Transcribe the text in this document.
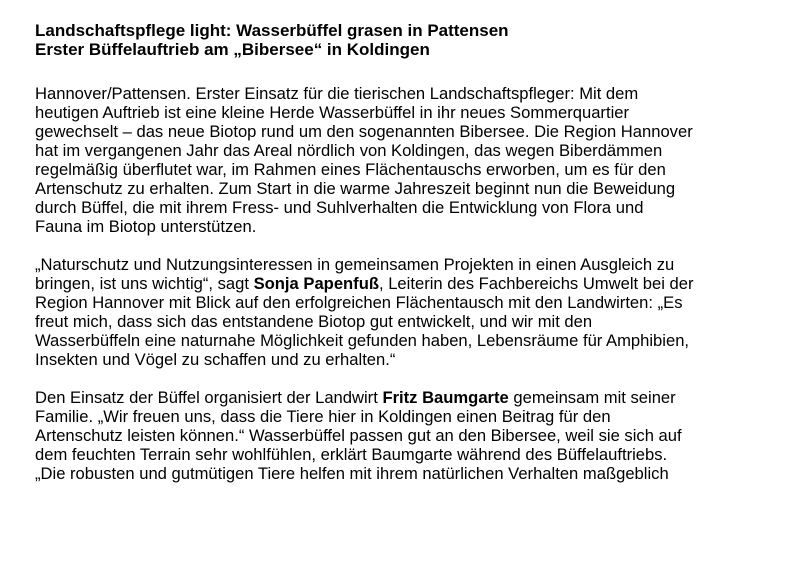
Landschaftspflege light: Wasserbüffel grasen in Pattensen

Erster Büffelauftrieb am „Bibersee“ in Koldingen

Hannover/Pattensen. Erster Einsatz für die tierischen Landschaftspfleger: Mit dem
heutigen Auftrieb ist eine kleine Herde Wasserbüffel in ihr neues Sommerquartier
gewechselt – das neue Biotop rund um den sogenannten Bibersee. Die Region Hannover
hat im vergangenen Jahr das Areal nördlich von Koldingen, das wegen Biberdämmen
regelmäßig überflutet war, im Rahmen eines Flächentauschs erworben, um es für den
Artenschutz zu erhalten. Zum Start in die warme Jahreszeit beginnt nun die Beweidung
durch Büffel, die mit ihrem Fress- und Suhlverhalten die Entwicklung von Flora und
Fauna im Biotop unterstützen.

„Naturschutz und Nutzungsinteressen in gemeinsamen Projekten in einen Ausgleich zu
bringen, ist uns wichtig“, sagt Sonja Papenfuß, Leiterin des Fachbereichs Umwelt bei der
Region Hannover mit Blick auf den erfolgreichen Flächentausch mit den Landwirten: „Es
freut mich, dass sich das entstandene Biotop gut entwickelt, und wir mit den
Wasserbüffeln eine naturnahe Möglichkeit gefunden haben, Lebensräume für Amphibien,
Insekten und Vögel zu schaffen und zu erhalten.“

Den Einsatz der Büffel organisiert der Landwirt Fritz Baumgarte gemeinsam mit seiner
Familie. „Wir freuen uns, dass die Tiere hier in Koldingen einen Beitrag für den
Artenschutz leisten können.“ Wasserbüffel passen gut an den Bibersee, weil sie sich auf
dem feuchten Terrain sehr wohlfühlen, erklärt Baumgarte während des Büffelauftriebs.
„Die robusten und gutmütigen Tiere helfen mit ihrem natürlichen Verhalten maßgeblich
